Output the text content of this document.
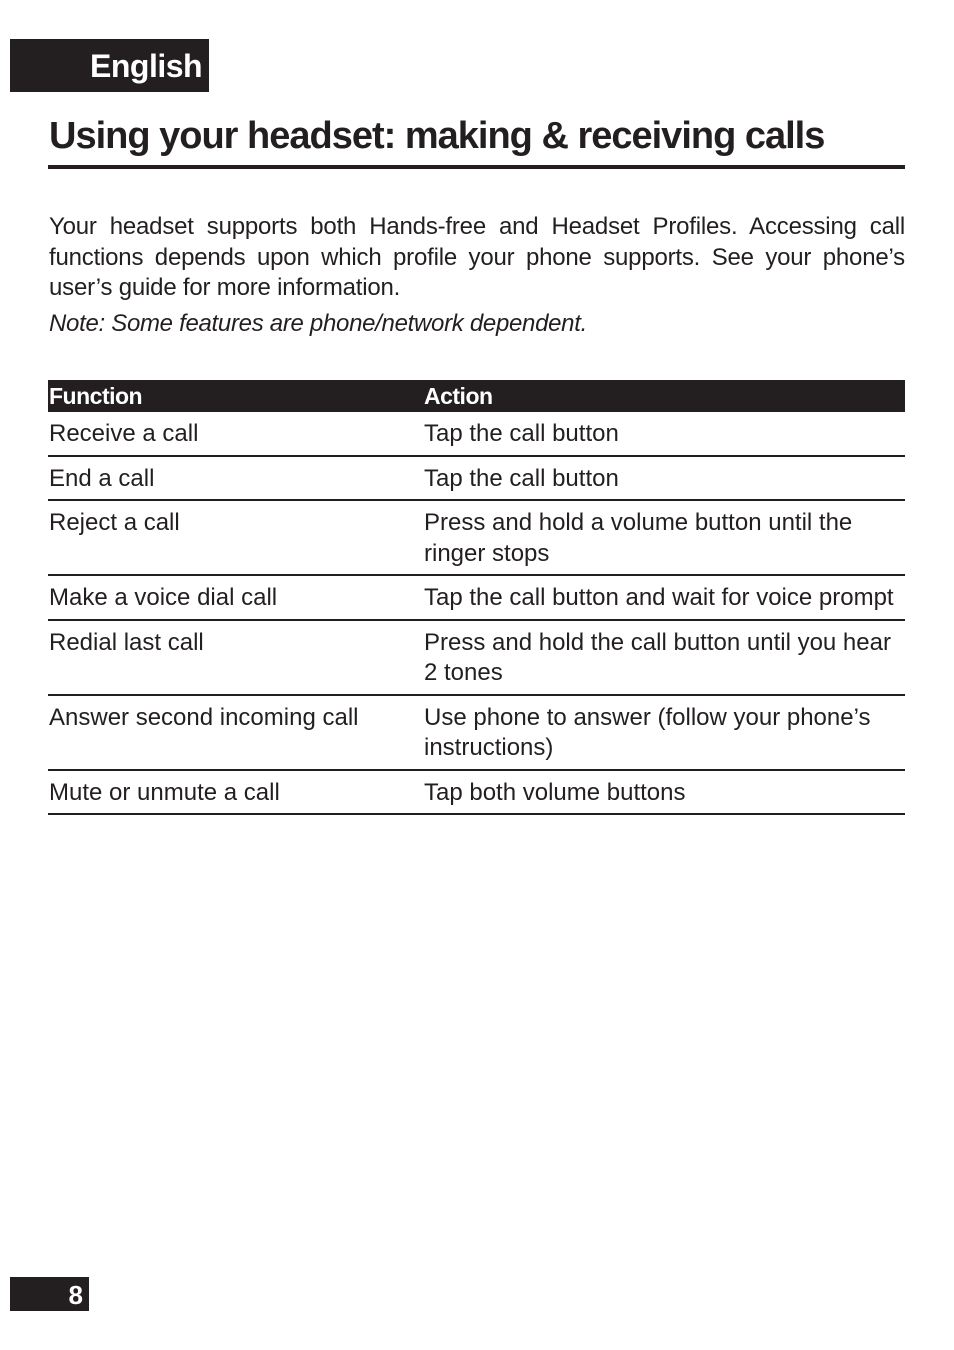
English
Using your headset: making & receiving calls

Your headset supports both Hands-free and Headset Profiles. Accessing call functions depends upon which profile your phone supports. See your phone’s user’s guide for more information.

Note: Some features are phone/network dependent.

Function	Action
Receive a call	Tap the call button
End a call	Tap the call button
Reject a call	Press and hold a volume button until the ringer stops
Make a voice dial call	Tap the call button and wait for voice prompt
Redial last call	Press and hold the call button until you hear 2 tones
Answer second incoming call	Use phone to answer (follow your phone’s instructions)
Mute or unmute a call	Tap both volume buttons
8
